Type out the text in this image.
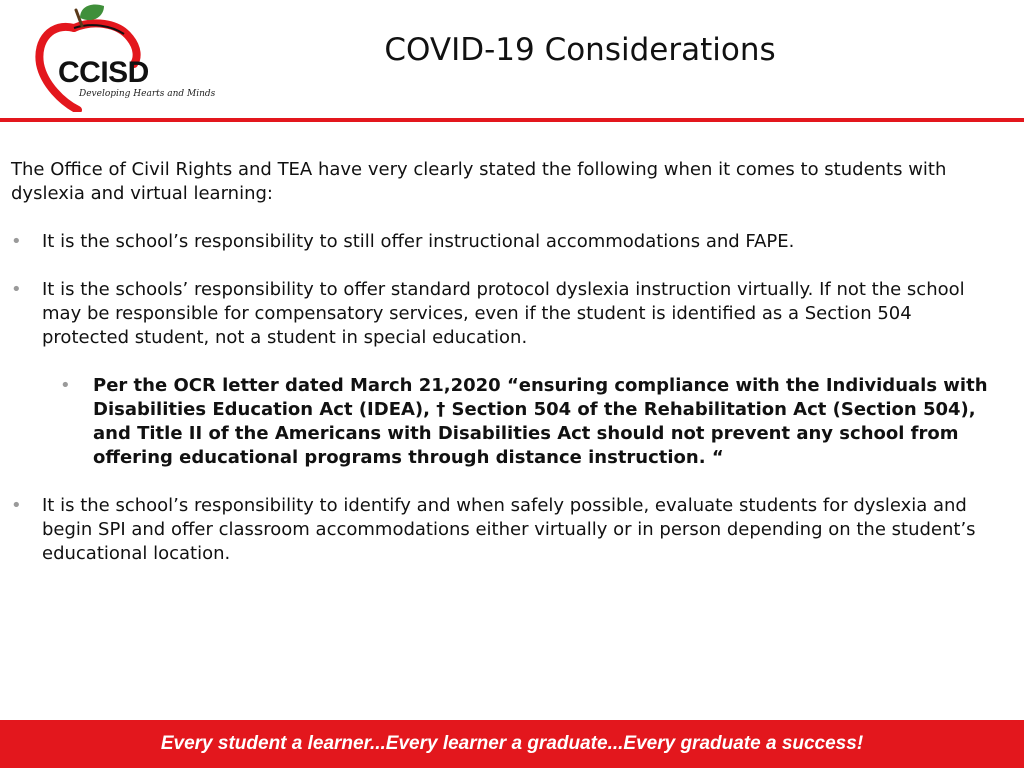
CCISD
Developing Hearts and Minds
COVID-19 Considerations

The Office of Civil Rights and TEA have very clearly stated the following when it comes to students with dyslexia and virtual learning:

• It is the school’s responsibility to still offer instructional accommodations and FAPE.
• It is the schools’ responsibility to offer standard protocol dyslexia instruction virtually. If not the school may be responsible for compensatory services, even if the student is identified as a Section 504 protected student, not a student in special education.
• Per the OCR letter dated March 21,2020 “ensuring compliance with the Individuals with Disabilities Education Act (IDEA), † Section 504 of the Rehabilitation Act (Section 504), and Title II of the Americans with Disabilities Act should not prevent any school from offering educational programs through distance instruction. “
• It is the school’s responsibility to identify and when safely possible, evaluate students for dyslexia and begin SPI and offer classroom accommodations either virtually or in person depending on the student’s educational location.
Every student a learner...Every learner a graduate...Every graduate a success!
